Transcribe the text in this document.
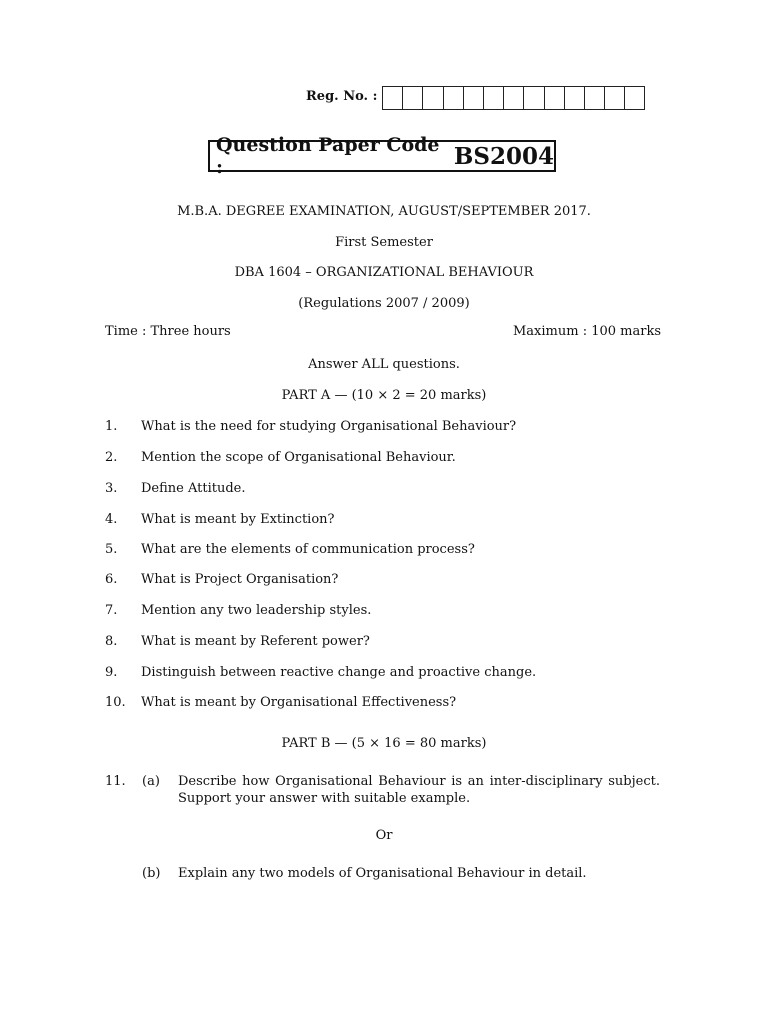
Reg. No. :
Question Paper Code :	BS2004
M.B.A. DEGREE EXAMINATION, AUGUST/SEPTEMBER 2017.
First Semester
DBA 1604 – ORGANIZATIONAL BEHAVIOUR
(Regulations 2007 / 2009)
Time : Three hours	Maximum : 100 marks
Answer ALL questions.
PART A — (10 × 2 = 20 marks)
1. What is the need for studying Organisational Behaviour?
2. Mention the scope of Organisational Behaviour.
3. Define Attitude.
4. What is meant by Extinction?
5. What are the elements of communication process?
6. What is Project Organisation?
7. Mention any two leadership styles.
8. What is meant by Referent power?
9. Distinguish between reactive change and proactive change.
10. What is meant by Organisational Effectiveness?
PART B — (5 × 16 = 80 marks)
11. (a) Describe how Organisational Behaviour is an inter-disciplinary subject. Support your answer with suitable example.
Or
(b) Explain any two models of Organisational Behaviour in detail.
